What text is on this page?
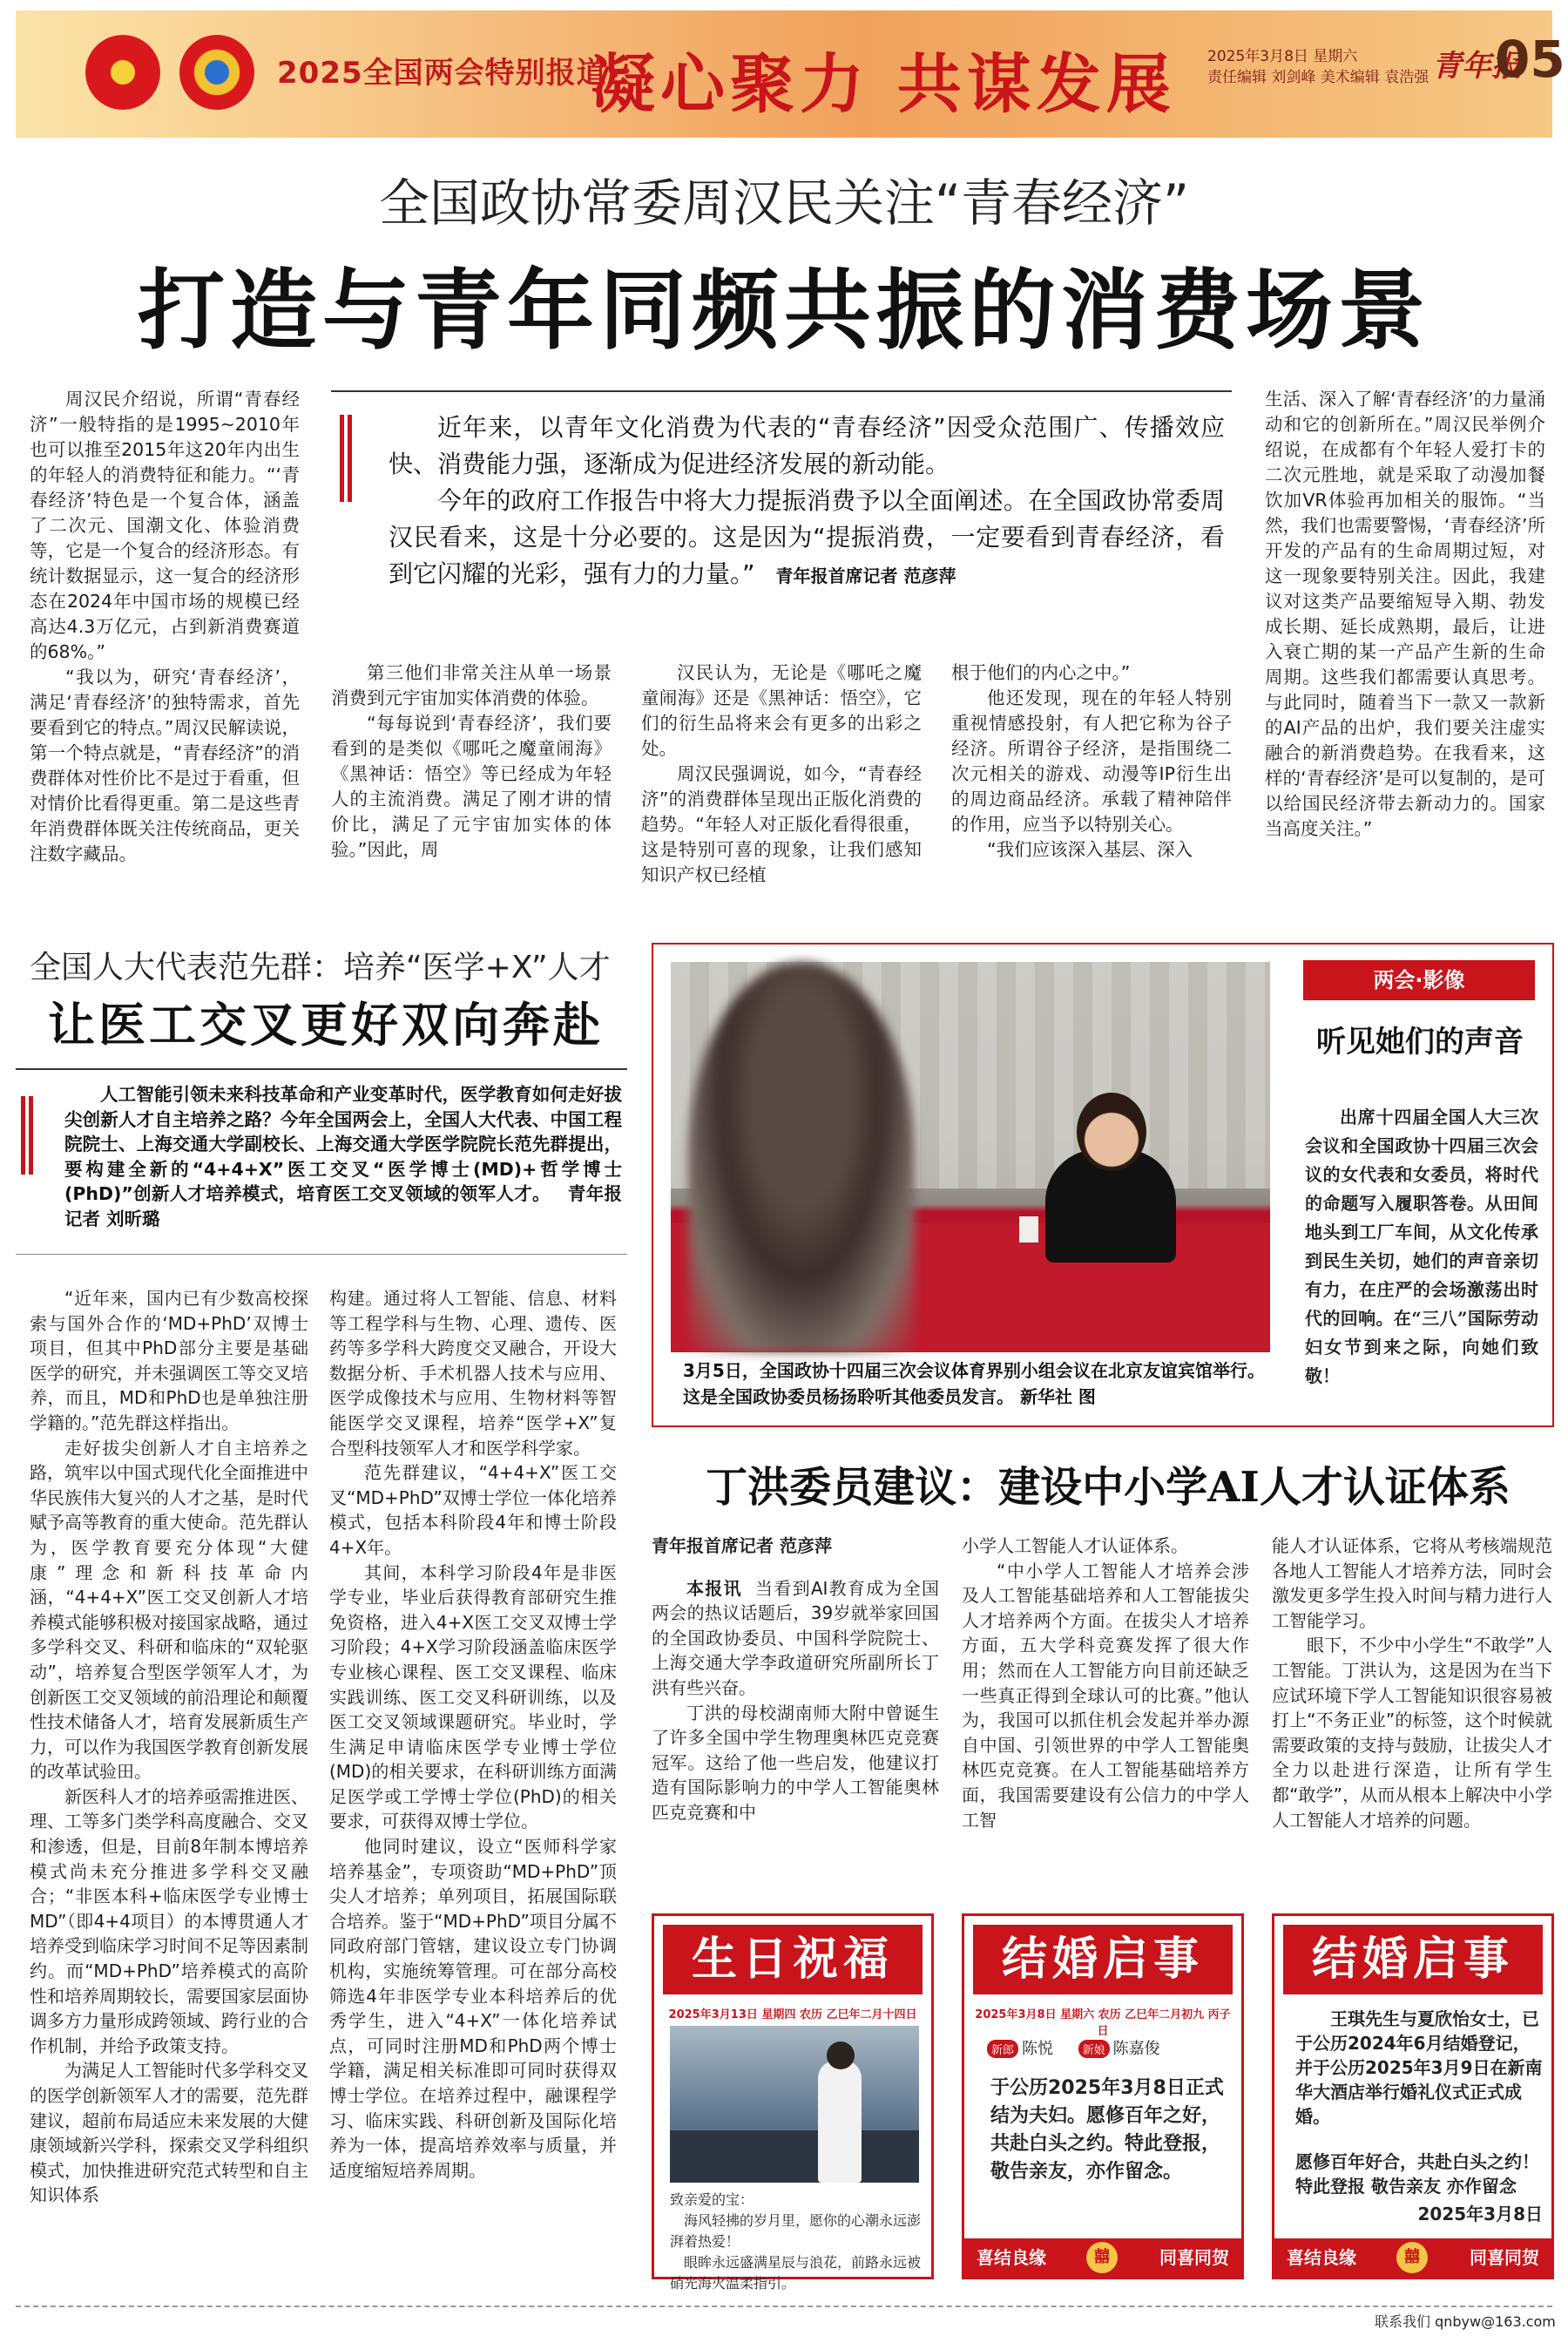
2025全国两会特别报道
凝心聚力 共谋发展 2025年3月8日 星期六
责任编辑 刘剑峰 美术编辑 袁浩强 青年报
05
全国政协常委周汉民关注“青春经济”
打造与青年同频共振的消费场景

周汉民介绍说，所谓“青春经济”一般特指的是1995~2010年也可以推至2015年这20年内出生的年轻人的消费特征和能力。“‘青春经济’特色是一个复合体，涵盖了二次元、国潮文化、体验消费等，它是一个复合的经济形态。有统计数据显示，这一复合的经济形态在2024年中国市场的规模已经高达4.3万亿元，占到新消费赛道的68%。”

“我以为，研究‘青春经济’，满足‘青春经济’的独特需求，首先要看到它的特点。”周汉民解读说，第一个特点就是，“青春经济”的消费群体对性价比不是过于看重，但对情价比看得更重。第二是这些青年消费群体既关注传统商品，更关注数字藏品。

近年来，以青年文化消费为代表的“青春经济”因受众范围广、传播效应快、消费能力强，逐渐成为促进经济发展的新动能。

今年的政府工作报告中将大力提振消费予以全面阐述。在全国政协常委周汉民看来，这是十分必要的。这是因为“提振消费，一定要看到青春经济，看到它闪耀的光彩，强有力的力量。” 青年报首席记者 范彦萍

第三他们非常关注从单一场景消费到元宇宙加实体消费的体验。

“每每说到‘青春经济’，我们要看到的是类似《哪吒之魔童闹海》《黑神话：悟空》等已经成为年轻人的主流消费。满足了刚才讲的情价比，满足了元宇宙加实体的体验。”因此，周

汉民认为，无论是《哪吒之魔童闹海》还是《黑神话：悟空》，它们的衍生品将来会有更多的出彩之处。

周汉民强调说，如今，“青春经济”的消费群体呈现出正版化消费的趋势。“年轻人对正版化看得很重，这是特别可喜的现象，让我们感知知识产权已经植

根于他们的内心之中。”

他还发现，现在的年轻人特别重视情感投射，有人把它称为谷子经济。所谓谷子经济，是指围绕二次元相关的游戏、动漫等IP衍生出的周边商品经济。承载了精神陪伴的作用，应当予以特别关心。

“我们应该深入基层、深入

生活、深入了解‘青春经济’的力量涌动和它的创新所在。”周汉民举例介绍说，在成都有个年轻人爱打卡的二次元胜地，就是采取了动漫加餐饮加VR体验再加相关的服饰。“当然，我们也需要警惕，‘青春经济’所开发的产品有的生命周期过短，对这一现象要特别关注。因此，我建议对这类产品要缩短导入期、勃发成长期、延长成熟期，最后，让进入衰亡期的某一产品产生新的生命周期。这些我们都需要认真思考。与此同时，随着当下一款又一款新的AI产品的出炉，我们要关注虚实融合的新消费趋势。在我看来，这样的‘青春经济’是可以复制的，是可以给国民经济带去新动力的。国家当高度关注。”

全国人大代表范先群：培养“医学+X”人才
让医工交叉更好双向奔赴

人工智能引领未来科技革命和产业变革时代，医学教育如何走好拔尖创新人才自主培养之路？今年全国两会上，全国人大代表、中国工程院院士、上海交通大学副校长、上海交通大学医学院院长范先群提出，要构建全新的“4+4+X”医工交叉“医学博士(MD)+哲学博士(PhD)”创新人才培养模式，培育医工交叉领域的领军人才。 青年报记者 刘昕璐

“近年来，国内已有少数高校探索与国外合作的‘MD+PhD’双博士项目，但其中PhD部分主要是基础医学的研究，并未强调医工等交叉培养，而且，MD和PhD也是单独注册学籍的。”范先群这样指出。

走好拔尖创新人才自主培养之路，筑牢以中国式现代化全面推进中华民族伟大复兴的人才之基，是时代赋予高等教育的重大使命。范先群认为，医学教育要充分体现“大健康”理念和新科技革命内涵，“4+4+X”医工交叉创新人才培养模式能够积极对接国家战略，通过多学科交叉、科研和临床的“双轮驱动”，培养复合型医学领军人才，为创新医工交叉领域的前沿理论和颠覆性技术储备人才，培育发展新质生产力，可以作为我国医学教育创新发展的改革试验田。

新医科人才的培养亟需推进医、理、工等多门类学科高度融合、交叉和渗透，但是，目前8年制本博培养模式尚未充分推进多学科交叉融合；“非医本科+临床医学专业博士MD”（即4+4项目）的本博贯通人才培养受到临床学习时间不足等因素制约。而“MD+PhD”培养模式的高阶性和培养周期较长，需要国家层面协调多方力量形成跨领域、跨行业的合作机制，并给予政策支持。

为满足人工智能时代多学科交叉的医学创新领军人才的需要，范先群建议，超前布局适应未来发展的大健康领域新兴学科，探索交叉学科组织模式，加快推进研究范式转型和自主知识体系

构建。通过将人工智能、信息、材料等工程学科与生物、心理、遗传、医药等多学科大跨度交叉融合，开设大数据分析、手术机器人技术与应用、医学成像技术与应用、生物材料等智能医学交叉课程，培养“医学+X”复合型科技领军人才和医学科学家。

范先群建议，“4+4+X”医工交叉“MD+PhD”双博士学位一体化培养模式，包括本科阶段4年和博士阶段4+X年。

其间，本科学习阶段4年是非医学专业，毕业后获得教育部研究生推免资格，进入4+X医工交叉双博士学习阶段；4+X学习阶段涵盖临床医学专业核心课程、医工交叉课程、临床实践训练、医工交叉科研训练，以及医工交叉领域课题研究。毕业时，学生满足申请临床医学专业博士学位(MD)的相关要求，在科研训练方面满足医学或工学博士学位(PhD)的相关要求，可获得双博士学位。

他同时建议，设立“医师科学家培养基金”，专项资助“MD+PhD”顶尖人才培养；单列项目，拓展国际联合培养。鉴于“MD+PhD”项目分属不同政府部门管辖，建议设立专门协调机构，实施统筹管理。可在部分高校筛选4年非医学专业本科培养后的优秀学生，进入“4+X”一体化培养试点，可同时注册MD和PhD两个博士学籍，满足相关标准即可同时获得双博士学位。在培养过程中，融课程学习、临床实践、科研创新及国际化培养为一体，提高培养效率与质量，并适度缩短培养周期。

3月5日，全国政协十四届三次会议体育界别小组会议在北京友谊宾馆举行。这是全国政协委员杨扬聆听其他委员发言。 新华社 图
两会·影像
听见她们的声音

出席十四届全国人大三次会议和全国政协十四届三次会议的女代表和女委员，将时代的命题写入履职答卷。从田间地头到工厂车间，从文化传承到民生关切，她们的声音亲切有力，在庄严的会场激荡出时代的回响。在“三八”国际劳动妇女节到来之际，向她们致敬！

丁洪委员建议：建设中小学AI人才认证体系
青年报首席记者 范彦萍

本报讯 当看到AI教育成为全国两会的热议话题后，39岁就举家回国的全国政协委员、中国科学院院士、上海交通大学李政道研究所副所长丁洪有些兴奋。

丁洪的母校湖南师大附中曾诞生了许多全国中学生物理奥林匹克竞赛冠军。这给了他一些启发，他建议打造有国际影响力的中学人工智能奥林匹克竞赛和中

小学人工智能人才认证体系。

“中小学人工智能人才培养会涉及人工智能基础培养和人工智能拔尖人才培养两个方面。在拔尖人才培养方面，五大学科竞赛发挥了很大作用；然而在人工智能方向目前还缺乏一些真正得到全球认可的比赛。”他认为，我国可以抓住机会发起并举办源自中国、引领世界的中学人工智能奥林匹克竞赛。在人工智能基础培养方面，我国需要建设有公信力的中学人工智

能人才认证体系，它将从考核端规范各地人工智能人才培养方法，同时会激发更多学生投入时间与精力进行人工智能学习。

眼下，不少中小学生“不敢学”人工智能。丁洪认为，这是因为在当下应试环境下学人工智能知识很容易被打上“不务正业”的标签，这个时候就需要政策的支持与鼓励，让拔尖人才全力以赴进行深造，让所有学生都“敢学”，从而从根本上解决中小学人工智能人才培养的问题。

生日祝福
2025年3月13日 星期四 农历 乙巳年二月十四日
致亲爱的宝：
海风轻拂的岁月里，愿你的心潮永远澎湃着热爱！
眼眸永远盛满星辰与浪花，前路永远被硝光海火温柔指引。
结婚启事
2025年3月8日 星期六 农历 乙巳年二月初九 丙子日
新郎 陈悦	新娘 陈嘉俊
于公历2025年3月8日正式结为夫妇。愿修百年之好，共赴白头之约。特此登报，敬告亲友，亦作留念。
喜结良缘	囍	同喜同贺
结婚启事

王琪先生与夏欣怡女士，已于公历2024年6月结婚登记，并于公历2025年3月9日在新南华大酒店举行婚礼仪式正式成婚。

愿修百年好合，共赴白头之约！特此登报 敬告亲友 亦作留念

2025年3月8日
喜结良缘	囍	同喜同贺
联系我们 qnbyw@163.com
